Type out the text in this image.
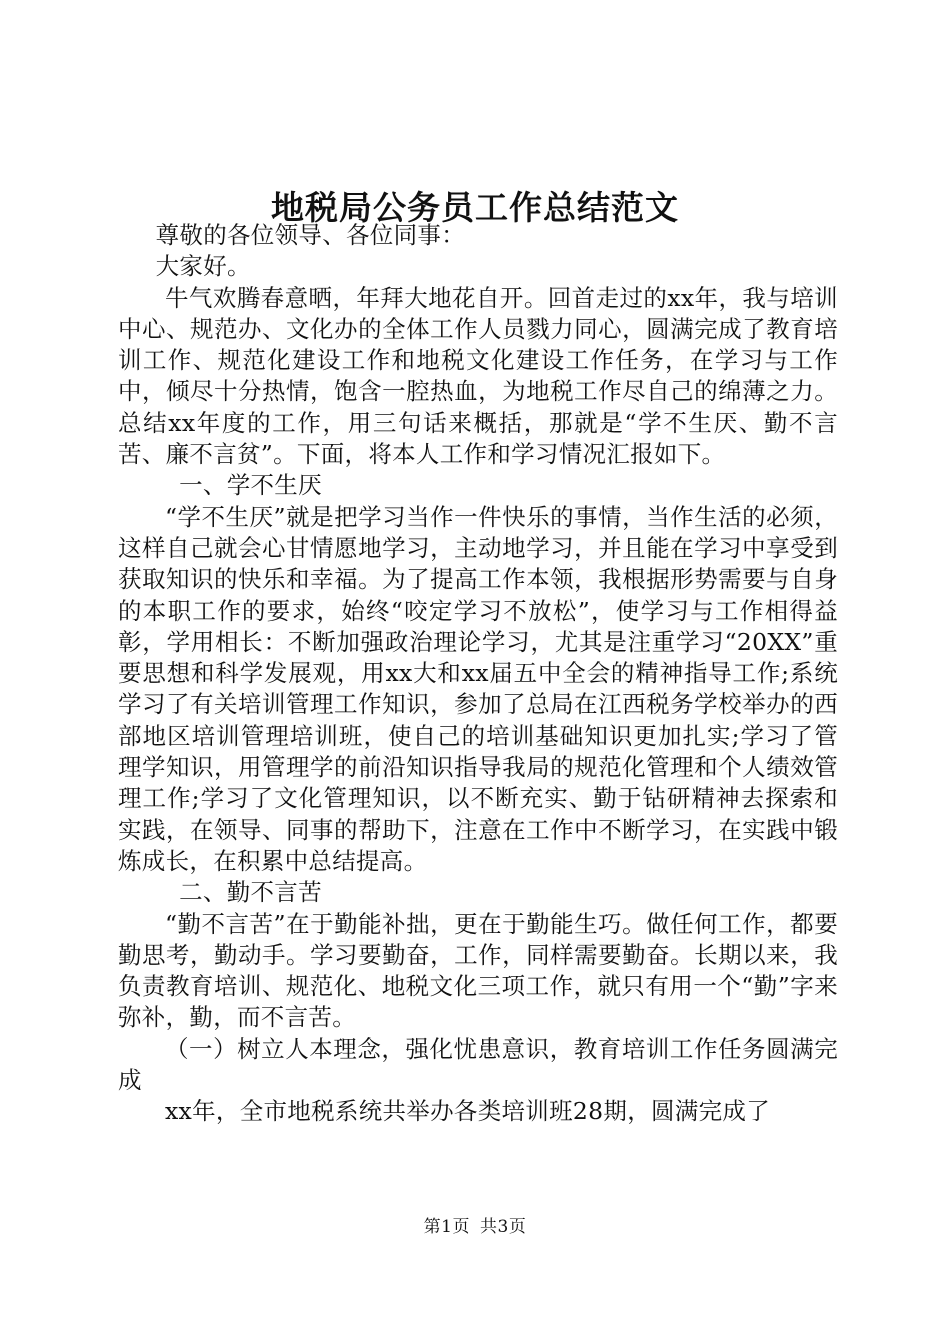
地税局公务员工作总结范文

尊敬的各位领导、各位同事：

大家好。

牛气欢腾春意晒，年拜大地花自开。回首走过的xx年，我与培训中心、规范办、文化办的全体工作人员戮力同心，圆满完成了教育培训工作、规范化建设工作和地税文化建设工作任务，在学习与工作中，倾尽十分热情，饱含一腔热血，为地税工作尽自己的绵薄之力。总结xx年度的工作，用三句话来概括，那就是“学不生厌、勤不言苦、廉不言贫”。下面，将本人工作和学习情况汇报如下。

一、学不生厌

“学不生厌”就是把学习当作一件快乐的事情，当作生活的必须，这样自己就会心甘情愿地学习，主动地学习，并且能在学习中享受到获取知识的快乐和幸福。为了提高工作本领，我根据形势需要与自身的本职工作的要求，始终“咬定学习不放松”，使学习与工作相得益彰，学用相长：不断加强政治理论学习，尤其是注重学习“20XX”重要思想和科学发展观，用xx大和xx届五中全会的精神指导工作;系统学习了有关培训管理工作知识，参加了总局在江西税务学校举办的西部地区培训管理培训班，使自己的培训基础知识更加扎实;学习了管理学知识，用管理学的前沿知识指导我局的规范化管理和个人绩效管理工作;学习了文化管理知识，以不断充实、勤于钻研精神去探索和实践，在领导、同事的帮助下，注意在工作中不断学习，在实践中锻炼成长，在积累中总结提高。

二、勤不言苦

“勤不言苦”在于勤能补拙，更在于勤能生巧。做任何工作，都要勤思考，勤动手。学习要勤奋，工作，同样需要勤奋。长期以来，我负责教育培训、规范化、地税文化三项工作，就只有用一个“勤”字来弥补，勤，而不言苦。

（一）树立人本理念，强化忧患意识，教育培训工作任务圆满完成

xx年，全市地税系统共举办各类培训班28期，圆满完成了

第1页 共3页
